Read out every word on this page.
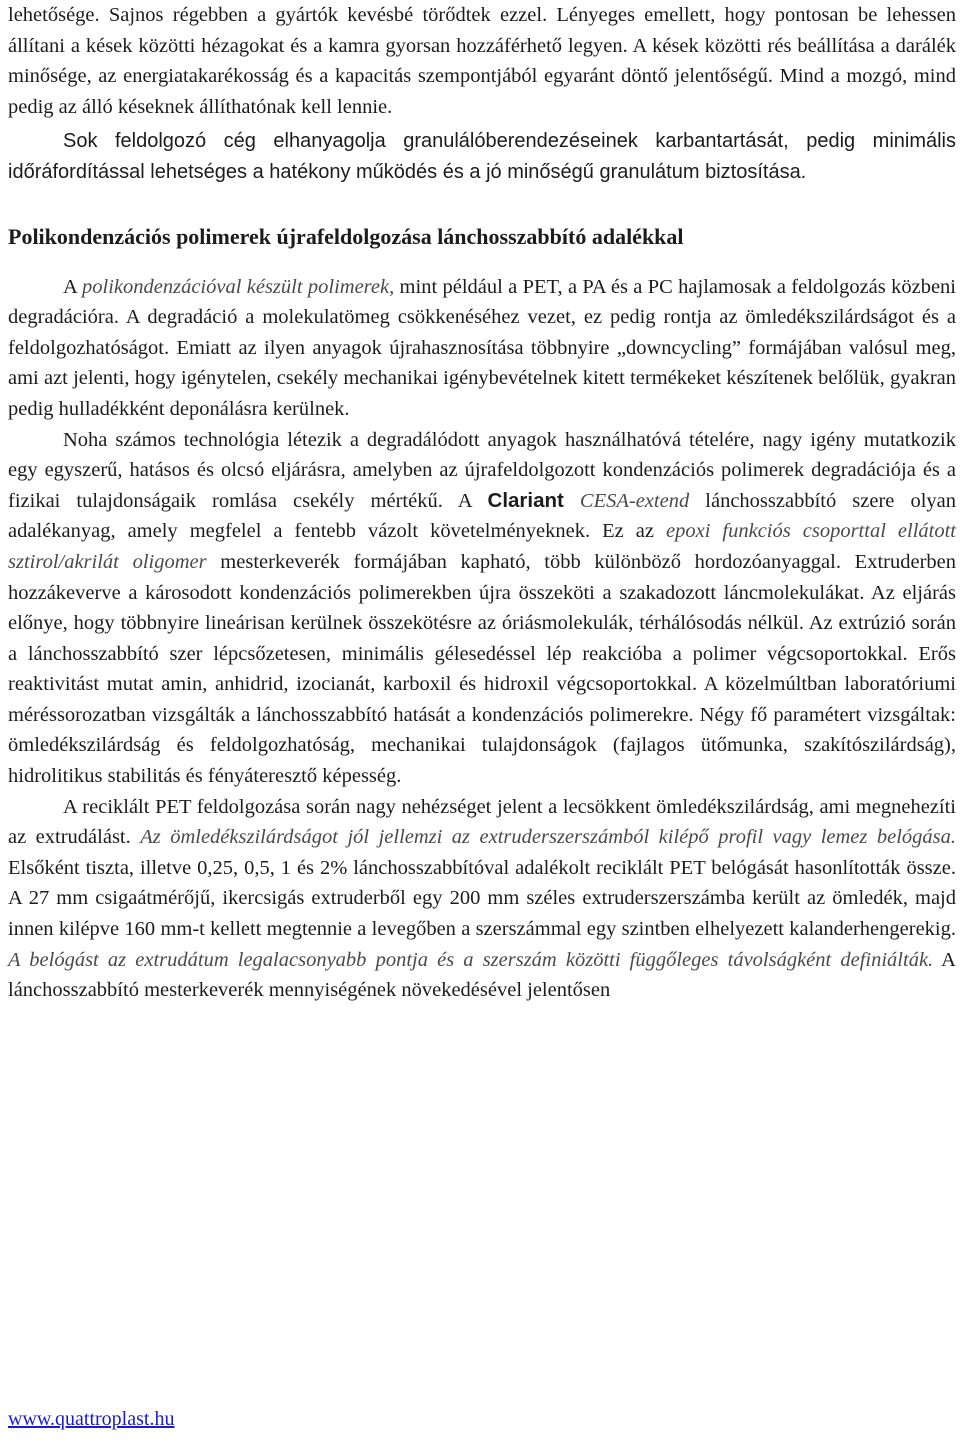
lehetősége. Sajnos régebben a gyártók kevésbé törődtek ezzel. Lényeges emellett, hogy pontosan be lehessen állítani a kések közötti hézagokat és a kamra gyorsan hozzáférhető legyen. A kések közötti rés beállítása a darálék minősége, az energiatakarékosság és a kapacitás szempontjából egyaránt döntő jelentőségű. Mind a mozgó, mind pedig az álló késeknek állíthatónak kell lennie.

Sok feldolgozó cég elhanyagolja granulálóberendezéseinek karbantartását, pedig minimális időráfordítással lehetséges a hatékony működés és a jó minőségű granulátum biztosítása.

Polikondenzációs polimerek újrafeldolgozása lánchosszabbító adalékkal

A polikondenzációval készült polimerek, mint például a PET, a PA és a PC hajlamosak a feldolgozás közbeni degradációra. A degradáció a molekulatömeg csökkenéséhez vezet, ez pedig rontja az ömledékszilárdságot és a feldolgozhatóságot. Emiatt az ilyen anyagok újrahasznosítása többnyire „downcycling” formájában valósul meg, ami azt jelenti, hogy igénytelen, csekély mechanikai igénybevételnek kitett termékeket készítenek belőlük, gyakran pedig hulladékként deponálásra kerülnek.

Noha számos technológia létezik a degradálódott anyagok használhatóvá tételére, nagy igény mutatkozik egy egyszerű, hatásos és olcsó eljárásra, amelyben az újrafeldolgozott kondenzációs polimerek degradációja és a fizikai tulajdonságaik romlása csekély mértékű. A Clariant CESA-extend lánchosszabbító szere olyan adalékanyag, amely megfelel a fentebb vázolt követelményeknek. Ez az epoxi funkciós csoporttal ellátott sztirol/akrilát oligomer mesterkeverék formájában kapható, több különböző hordozóanyaggal. Extruderben hozzákeverve a károsodott kondenzációs polimerekben újra összeköti a szakadozott láncmolekulákat. Az eljárás előnye, hogy többnyire lineárisan kerülnek összekötésre az óriásmolekulák, térhálósodás nélkül. Az extrúzió során a lánchosszabbító szer lépcsőzetesen, minimális gélesedéssel lép reakcióba a polimer végcsoportokkal. Erős reaktivitást mutat amin, anhidrid, izocianát, karboxil és hidroxil végcsoportokkal. A közelmúltban laboratóriumi méréssorozatban vizsgálták a lánchosszabbító hatását a kondenzációs polimerekre. Négy fő paramétert vizsgáltak: ömledékszilárdság és feldolgozhatóság, mechanikai tulajdonságok (fajlagos ütőmunka, szakítószilárdság), hidrolitikus stabilitás és fényáteresztő képesség.

A reciklált PET feldolgozása során nagy nehézséget jelent a lecsökkent ömledékszilárdság, ami megnehezíti az extrudálást. Az ömledékszilárdságot jól jellemzi az extruderszerszámból kilépő profil vagy lemez belógása. Elsőként tiszta, illetve 0,25, 0,5, 1 és 2% lánchosszabbítóval adalékolt reciklált PET belógását hasonlították össze. A 27 mm csigaátmérőjű, ikercsigás extruderből egy 200 mm széles extruderszerszámba került az ömledék, majd innen kilépve 160 mm-t kellett megtennie a levegőben a szerszámmal egy szintben elhelyezett kalanderhengerekig. A belógást az extrudátum legalacsonyabb pontja és a szerszám közötti függőleges távolságként definiálták. A lánchosszabbító mesterkeverék mennyiségének növekedésével jelentősen

www.quattroplast.hu
